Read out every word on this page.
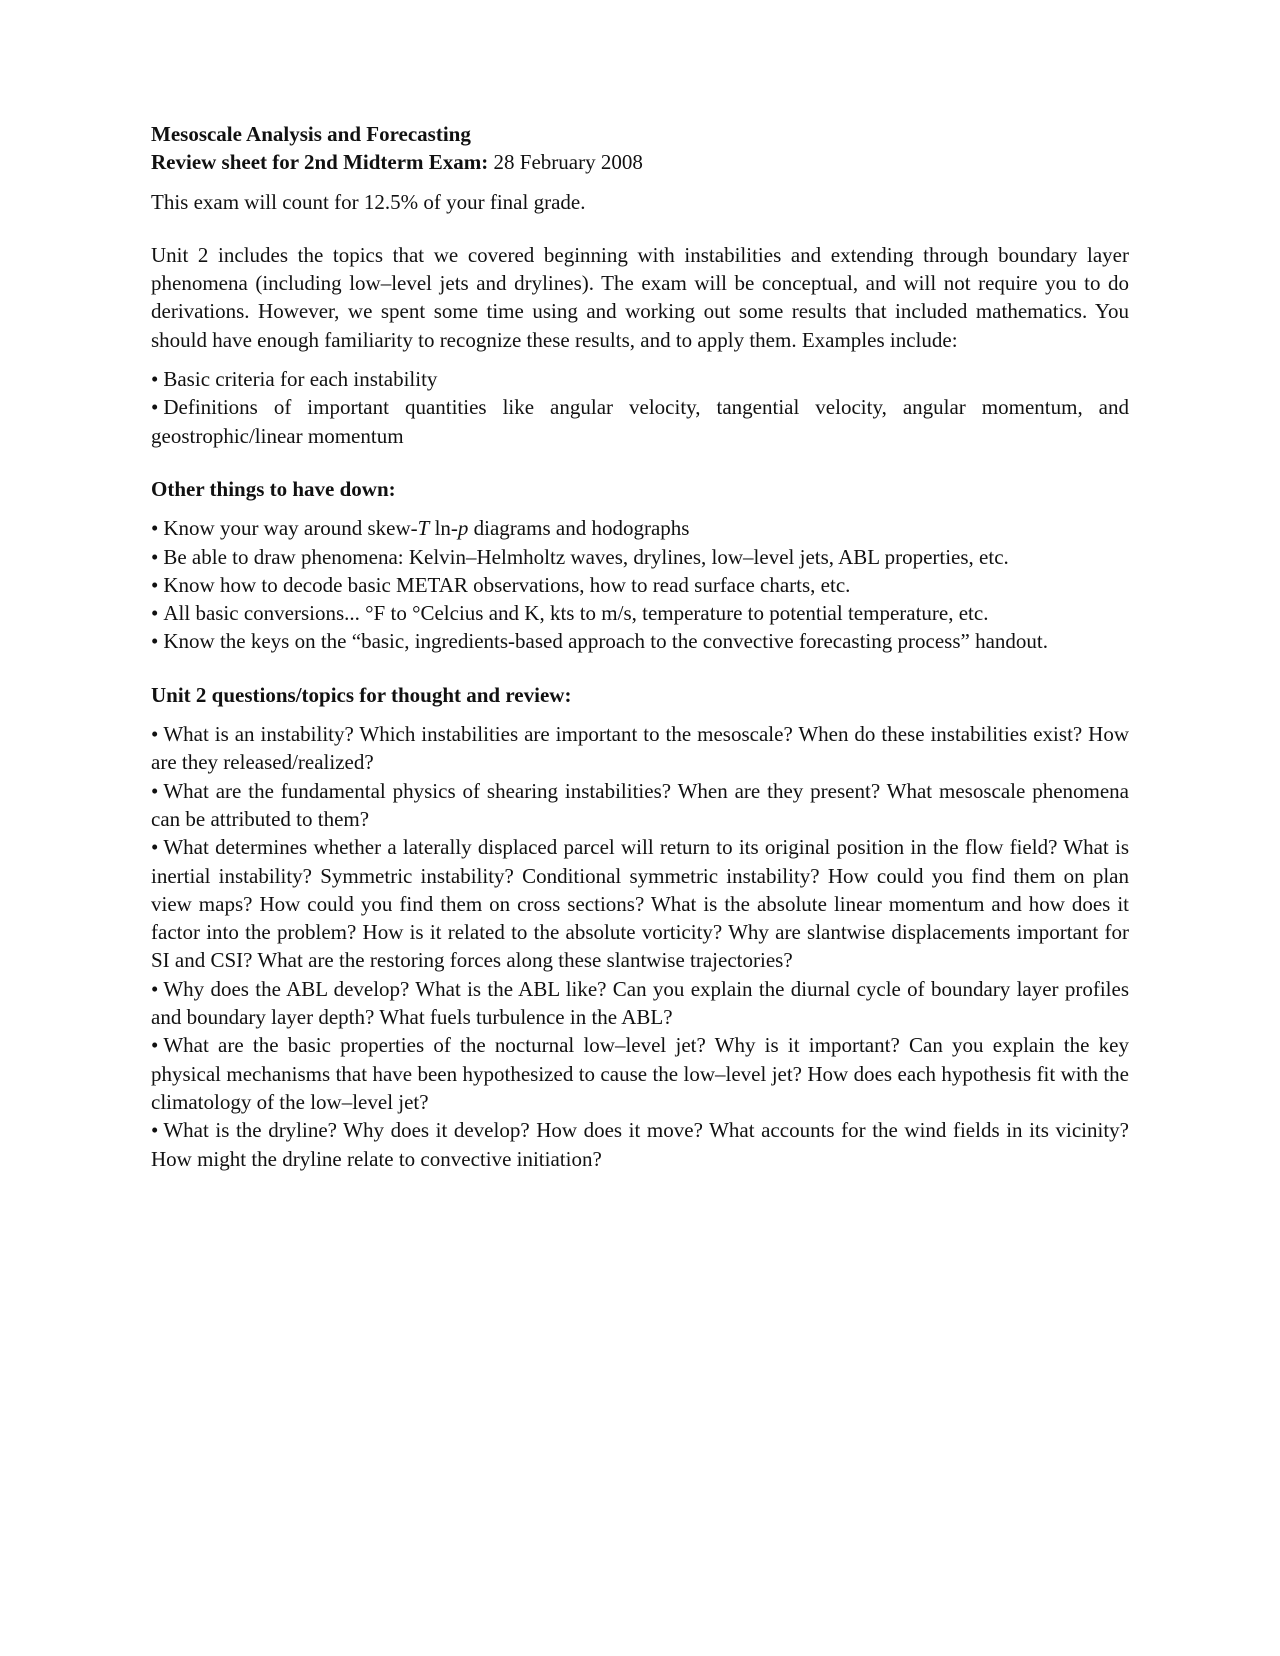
Mesoscale Analysis and Forecasting
Review sheet for 2nd Midterm Exam: 28 February 2008

This exam will count for 12.5% of your final grade.

Unit 2 includes the topics that we covered beginning with instabilities and extending through boundary layer phenomena (including low–level jets and drylines). The exam will be conceptual, and will not require you to do derivations. However, we spent some time using and working out some results that included mathematics. You should have enough familiarity to recognize these results, and to apply them. Examples include:

• Basic criteria for each instability
• Definitions of important quantities like angular velocity, tangential velocity, angular momentum, and geostrophic/linear momentum

Other things to have down:

• Know your way around skew-T ln-p diagrams and hodographs
• Be able to draw phenomena: Kelvin–Helmholtz waves, drylines, low–level jets, ABL properties, etc.
• Know how to decode basic METAR observations, how to read surface charts, etc.
• All basic conversions... °F to °Celcius and K, kts to m/s, temperature to potential temperature, etc.
• Know the keys on the “basic, ingredients-based approach to the convective forecasting process” handout.

Unit 2 questions/topics for thought and review:

• What is an instability? Which instabilities are important to the mesoscale? When do these instabilities exist? How are they released/realized?
• What are the fundamental physics of shearing instabilities? When are they present? What mesoscale phenomena can be attributed to them?
• What determines whether a laterally displaced parcel will return to its original position in the flow field? What is inertial instability? Symmetric instability? Conditional symmetric instability? How could you find them on plan view maps? How could you find them on cross sections? What is the absolute linear momentum and how does it factor into the problem? How is it related to the absolute vorticity? Why are slantwise displacements important for SI and CSI? What are the restoring forces along these slantwise trajectories?
• Why does the ABL develop? What is the ABL like? Can you explain the diurnal cycle of boundary layer profiles and boundary layer depth? What fuels turbulence in the ABL?
• What are the basic properties of the nocturnal low–level jet? Why is it important? Can you explain the key physical mechanisms that have been hypothesized to cause the low–level jet? How does each hypothesis fit with the climatology of the low–level jet?
• What is the dryline? Why does it develop? How does it move? What accounts for the wind fields in its vicinity? How might the dryline relate to convective initiation?
